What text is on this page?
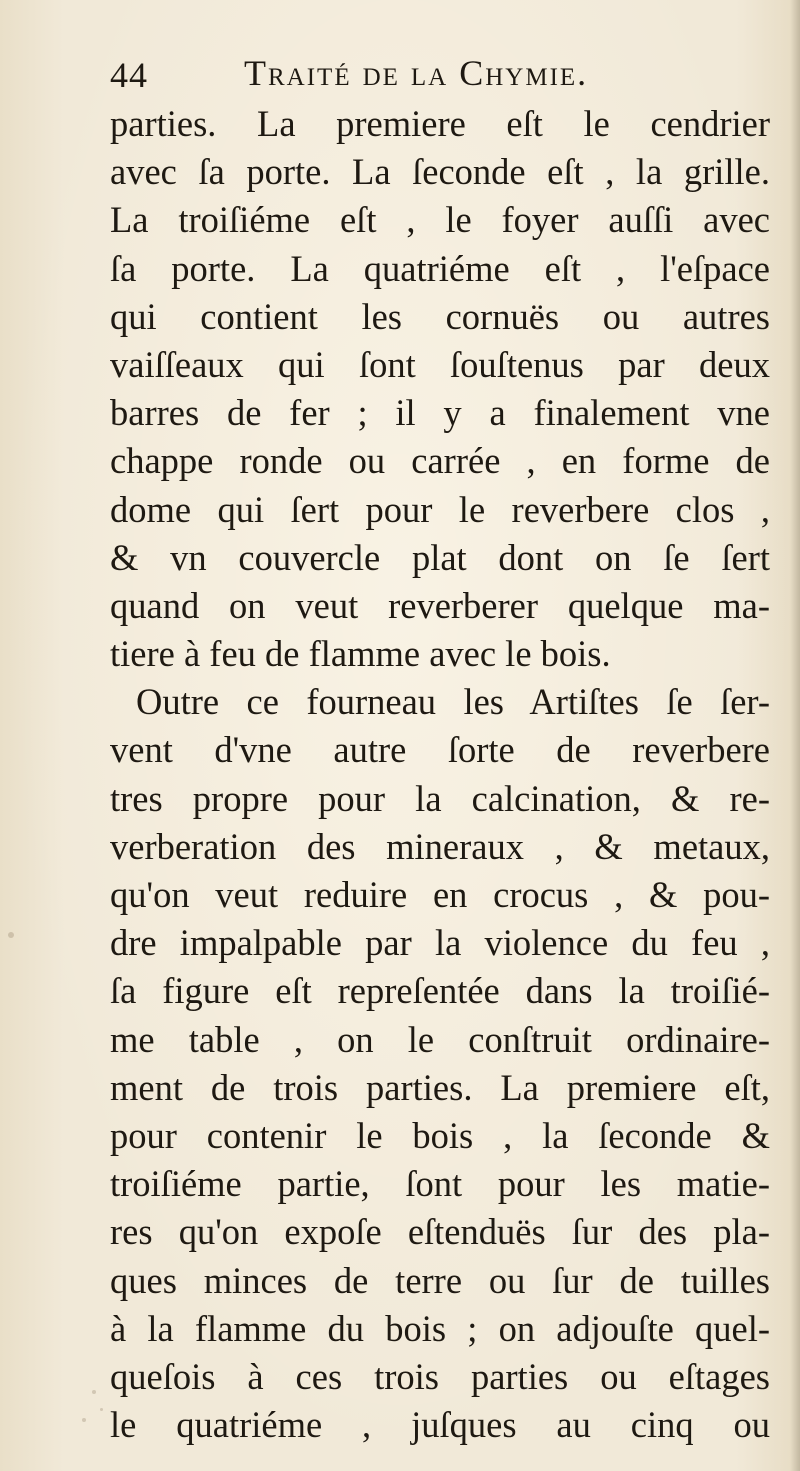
44	Traité de la Chymie.
parties. La premiere eſt le cendrier
avec ſa porte. La ſeconde eſt , la grille.
La troiſiéme eſt , le foyer auſſi avec
ſa porte. La quatriéme eſt , l'eſpace
qui contient les cornuës ou autres
vaiſſeaux qui ſont ſouſtenus par deux
barres de fer ; il y a finalement vne
chappe ronde ou carrée , en forme de
dome qui ſert pour le reverbere clos ,
& vn couvercle plat dont on ſe ſert
quand on veut reverberer quelque ma-
tiere à feu de flamme avec le bois.
Outre ce fourneau les Artiſtes ſe ſer-
vent d'vne autre ſorte de reverbere
tres propre pour la calcination, & re-
verberation des mineraux , & metaux,
qu'on veut reduire en crocus , & pou-
dre impalpable par la violence du feu ,
ſa figure eſt repreſentée dans la troiſié-
me table , on le conſtruit ordinaire-
ment de trois parties. La premiere eſt,
pour contenir le bois , la ſeconde &
troiſiéme partie, ſont pour les matie-
res qu'on expoſe eſtenduës ſur des pla-
ques minces de terre ou ſur de tuilles
à la flamme du bois ; on adjouſte quel-
queſois à ces trois parties ou eſtages
le quatriéme , juſques au cinq ou
